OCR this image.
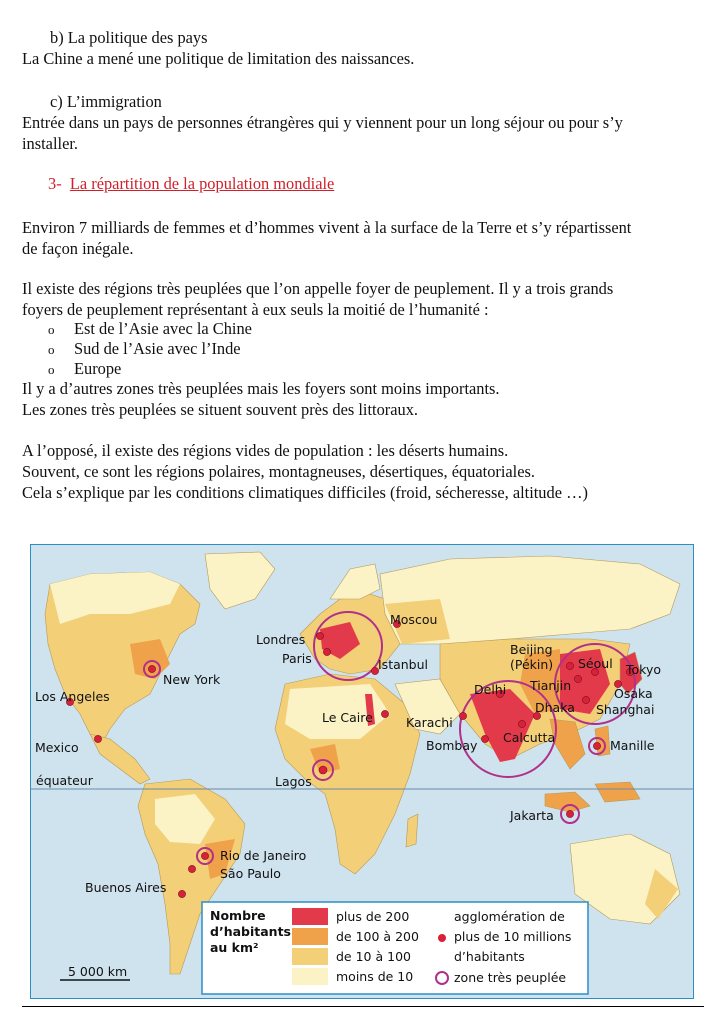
b) La politique des pays
La Chine a mené une politique de limitation des naissances.
c) L’immigration
Entrée dans un pays de personnes étrangères qui y viennent pour un long séjour ou pour s’y
installer.
3- La répartition de la population mondiale
Environ 7 milliards de femmes et d’hommes vivent à la surface de la Terre et s’y répartissent
de façon inégale.
Il existe des régions très peuplées que l’on appelle foyer de peuplement. Il y a trois grands
foyers de peuplement représentant à eux seuls la moitié de l’humanité :
o Est de l’Asie avec la Chine
o Sud de l’Asie avec l’Inde
o Europe
Il y a d’autres zones très peuplées mais les foyers sont moins importants.
Les zones très peuplées se situent souvent près des littoraux.
A l’opposé, il existe des régions vides de population : les déserts humains.
Souvent, ce sont les régions polaires, montagneuses, désertiques, équatoriales.
Cela s’explique par les conditions climatiques difficiles (froid, sécheresse, altitude …)
équateur
Moscou
Londres
Paris	Istanbul
New York
Los Angeles
Mexico
Le Caire
Lagos
Karachi
Delhi
Bombay
Calcutta
Dhaka
Beijing
(Pékin)
Tianjin
Séoul Tokyo
Osaka
Shanghai
Manille
Jakarta
Rio de Janeiro
São Paulo
Buenos Aires
5 000 km
Nombre
d’habitants
au km²
plus de 200
de 100 à 200
de 10 à 100
moins de 10
agglomération de
plus de 10 millions
d’habitants
zone très peuplée
